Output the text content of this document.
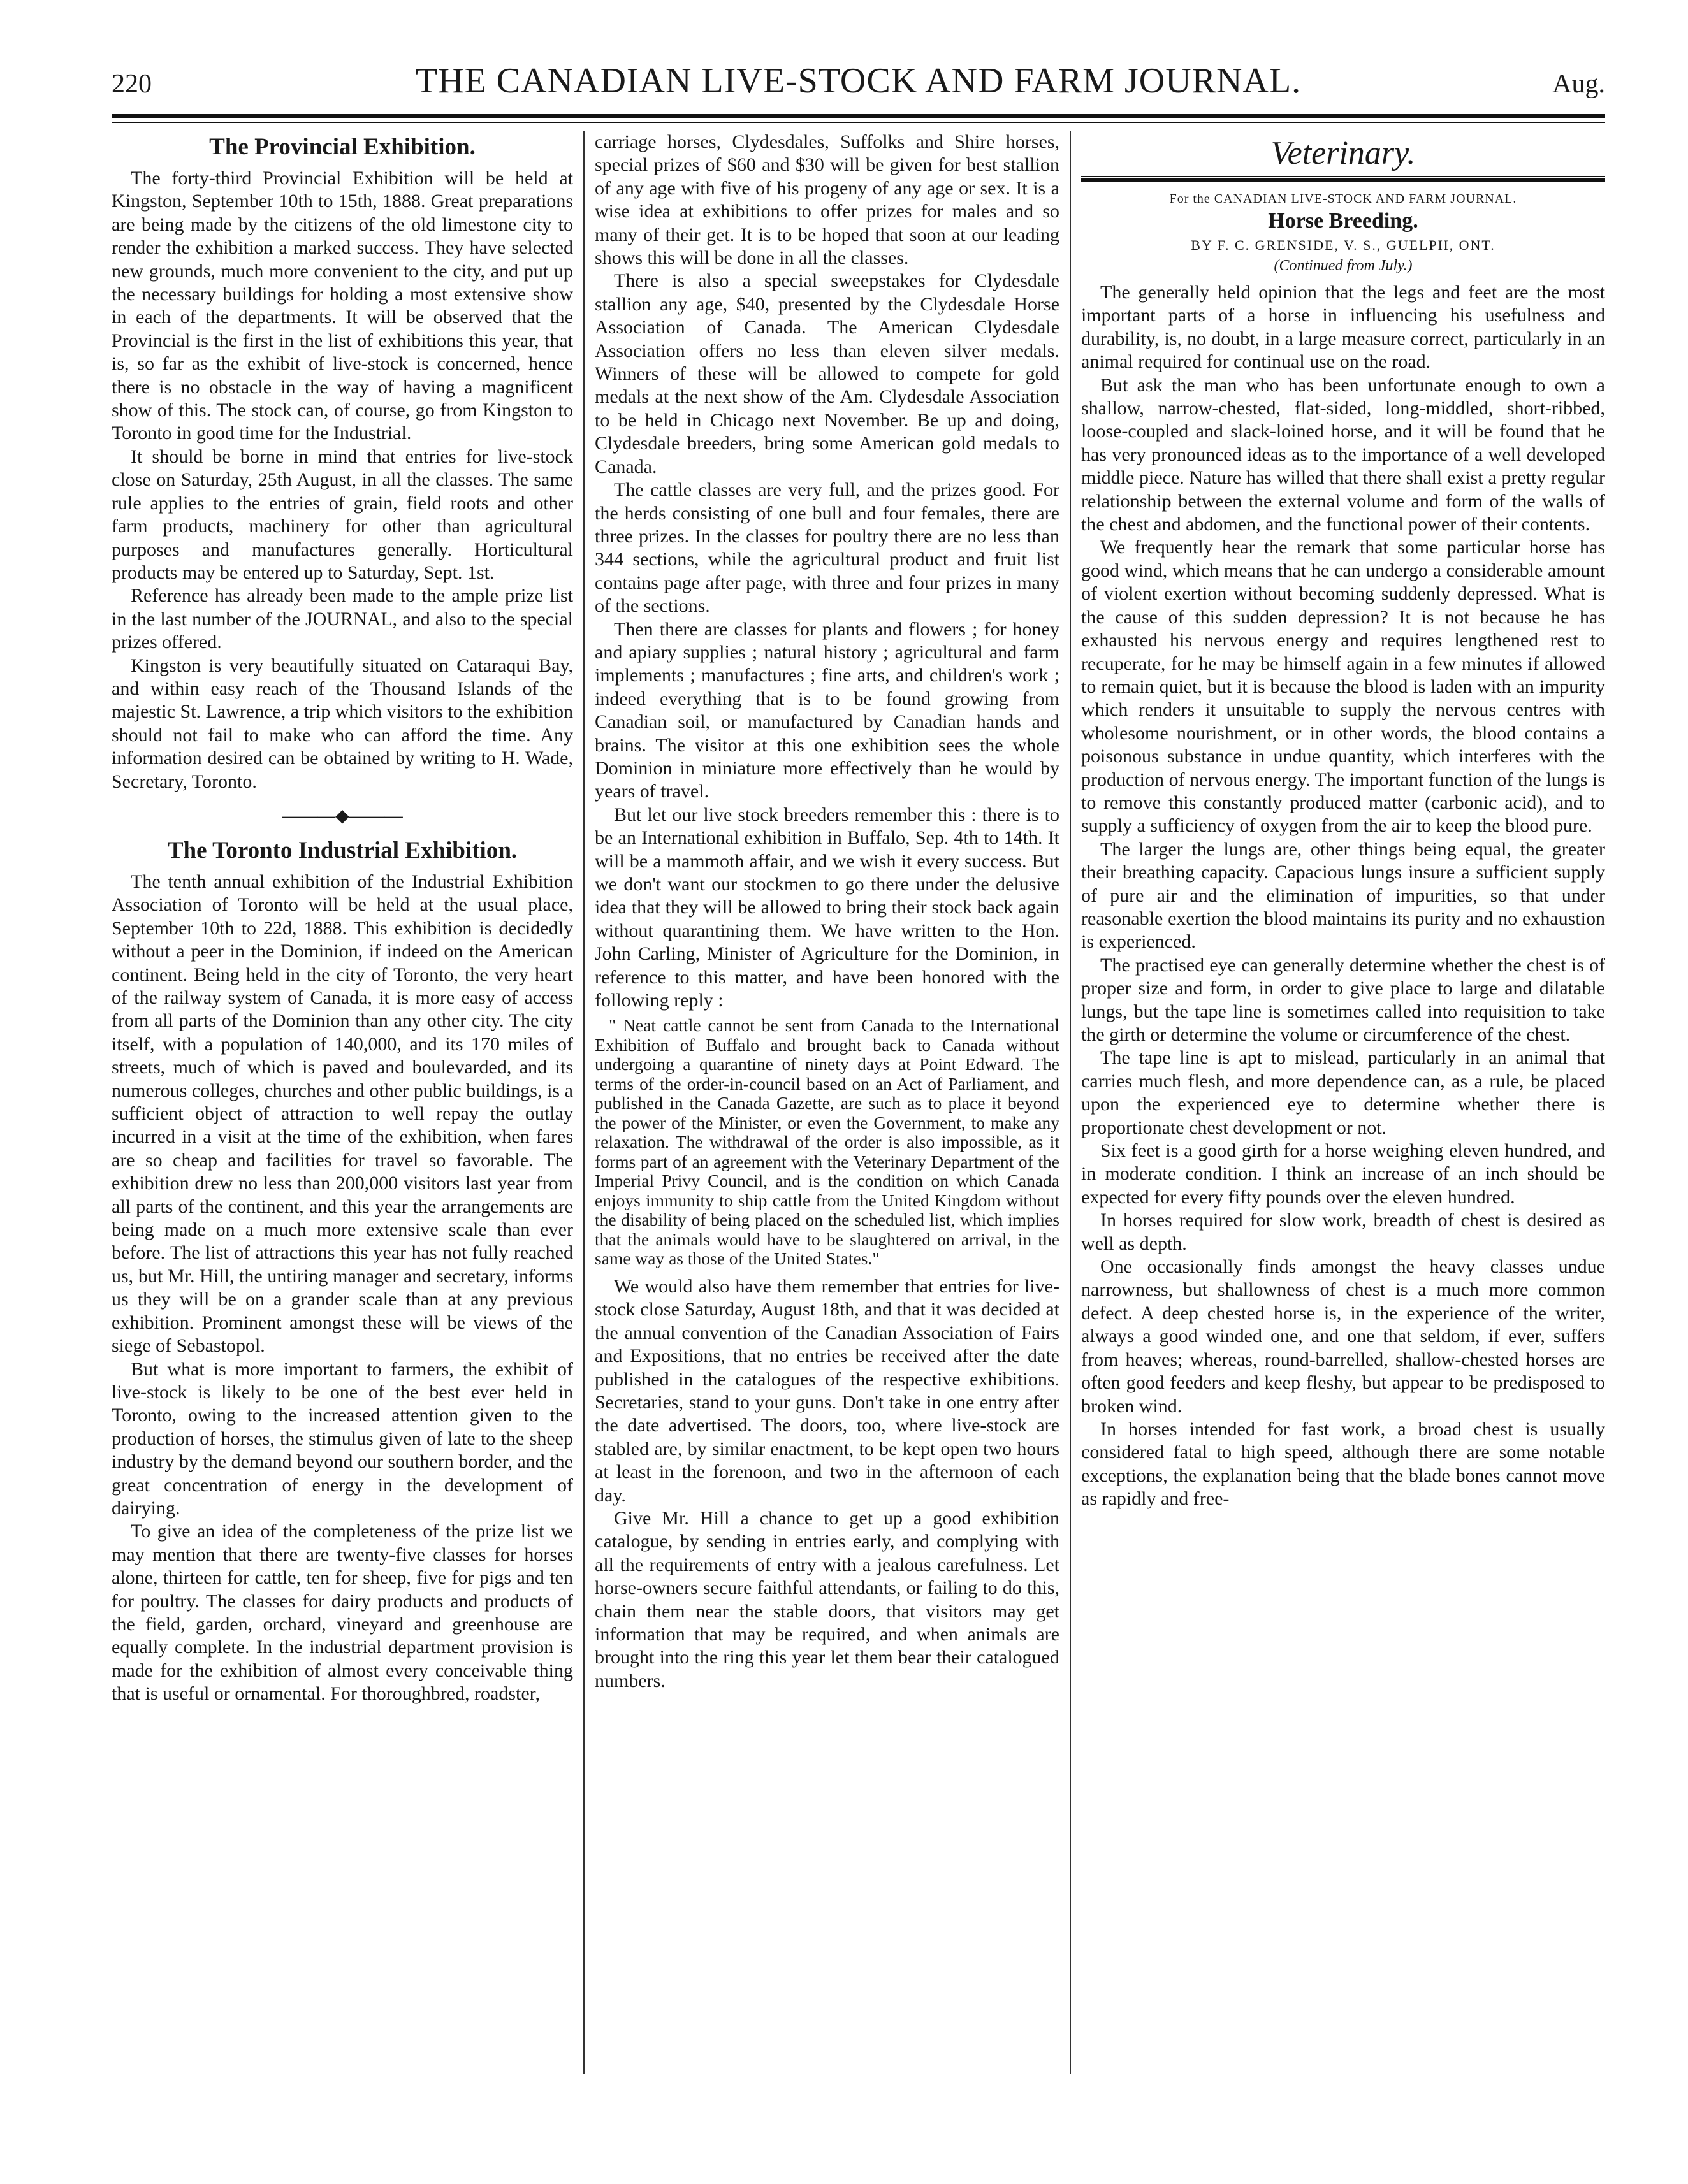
220	THE CANADIAN LIVE-STOCK AND FARM JOURNAL.	Aug.
The Provincial Exhibition.

The forty-third Provincial Exhibition will be held at Kingston, September 10th to 15th, 1888. Great preparations are being made by the citizens of the old limestone city to render the exhibition a marked success. They have selected new grounds, much more convenient to the city, and put up the necessary buildings for holding a most extensive show in each of the departments. It will be observed that the Provincial is the first in the list of exhibitions this year, that is, so far as the exhibit of live-stock is concerned, hence there is no obstacle in the way of having a magnificent show of this. The stock can, of course, go from Kingston to Toronto in good time for the Industrial.

It should be borne in mind that entries for live-stock close on Saturday, 25th August, in all the classes. The same rule applies to the entries of grain, field roots and other farm products, machinery for other than agricultural purposes and manufactures generally. Horticultural products may be entered up to Saturday, Sept. 1st.

Reference has already been made to the ample prize list in the last number of the JOURNAL, and also to the special prizes offered.

Kingston is very beautifully situated on Cataraqui Bay, and within easy reach of the Thousand Islands of the majestic St. Lawrence, a trip which visitors to the exhibition should not fail to make who can afford the time. Any information desired can be obtained by writing to H. Wade, Secretary, Toronto.

———◆———
The Toronto Industrial Exhibition.

The tenth annual exhibition of the Industrial Exhibition Association of Toronto will be held at the usual place, September 10th to 22d, 1888. This exhibition is decidedly without a peer in the Dominion, if indeed on the American continent. Being held in the city of Toronto, the very heart of the railway system of Canada, it is more easy of access from all parts of the Dominion than any other city. The city itself, with a population of 140,000, and its 170 miles of streets, much of which is paved and boulevarded, and its numerous colleges, churches and other public buildings, is a sufficient object of attraction to well repay the outlay incurred in a visit at the time of the exhibition, when fares are so cheap and facilities for travel so favorable. The exhibition drew no less than 200,000 visitors last year from all parts of the continent, and this year the arrangements are being made on a much more extensive scale than ever before. The list of attractions this year has not fully reached us, but Mr. Hill, the untiring manager and secretary, informs us they will be on a grander scale than at any previous exhibition. Prominent amongst these will be views of the siege of Sebastopol.

But what is more important to farmers, the exhibit of live-stock is likely to be one of the best ever held in Toronto, owing to the increased attention given to the production of horses, the stimulus given of late to the sheep industry by the demand beyond our southern border, and the great concentration of energy in the development of dairying.

To give an idea of the completeness of the prize list we may mention that there are twenty-five classes for horses alone, thirteen for cattle, ten for sheep, five for pigs and ten for poultry. The classes for dairy products and products of the field, garden, orchard, vineyard and greenhouse are equally complete. In the industrial department provision is made for the exhibition of almost every conceivable thing that is useful or ornamental. For thoroughbred, roadster,

carriage horses, Clydesdales, Suffolks and Shire horses, special prizes of $60 and $30 will be given for best stallion of any age with five of his progeny of any age or sex. It is a wise idea at exhibitions to offer prizes for males and so many of their get. It is to be hoped that soon at our leading shows this will be done in all the classes.

There is also a special sweepstakes for Clydesdale stallion any age, $40, presented by the Clydesdale Horse Association of Canada. The American Clydesdale Association offers no less than eleven silver medals. Winners of these will be allowed to compete for gold medals at the next show of the Am. Clydesdale Association to be held in Chicago next November. Be up and doing, Clydesdale breeders, bring some American gold medals to Canada.

The cattle classes are very full, and the prizes good. For the herds consisting of one bull and four females, there are three prizes. In the classes for poultry there are no less than 344 sections, while the agricultural product and fruit list contains page after page, with three and four prizes in many of the sections.

Then there are classes for plants and flowers ; for honey and apiary supplies ; natural history ; agricultural and farm implements ; manufactures ; fine arts, and children's work ; indeed everything that is to be found growing from Canadian soil, or manufactured by Canadian hands and brains. The visitor at this one exhibition sees the whole Dominion in miniature more effectively than he would by years of travel.

But let our live stock breeders remember this : there is to be an International exhibition in Buffalo, Sep. 4th to 14th. It will be a mammoth affair, and we wish it every success. But we don't want our stockmen to go there under the delusive idea that they will be allowed to bring their stock back again without quarantining them. We have written to the Hon. John Carling, Minister of Agriculture for the Dominion, in reference to this matter, and have been honored with the following reply :

" Neat cattle cannot be sent from Canada to the International Exhibition of Buffalo and brought back to Canada without undergoing a quarantine of ninety days at Point Edward. The terms of the order-in-council based on an Act of Parliament, and published in the Canada Gazette, are such as to place it beyond the power of the Minister, or even the Government, to make any relaxation. The withdrawal of the order is also impossible, as it forms part of an agreement with the Veterinary Department of the Imperial Privy Council, and is the condition on which Canada enjoys immunity to ship cattle from the United Kingdom without the disability of being placed on the scheduled list, which implies that the animals would have to be slaughtered on arrival, in the same way as those of the United States."

We would also have them remember that entries for live-stock close Saturday, August 18th, and that it was decided at the annual convention of the Canadian Association of Fairs and Expositions, that no entries be received after the date published in the catalogues of the respective exhibitions. Secretaries, stand to your guns. Don't take in one entry after the date advertised. The doors, too, where live-stock are stabled are, by similar enactment, to be kept open two hours at least in the forenoon, and two in the afternoon of each day.

Give Mr. Hill a chance to get up a good exhibition catalogue, by sending in entries early, and complying with all the requirements of entry with a jealous carefulness. Let horse-owners secure faithful attendants, or failing to do this, chain them near the stable doors, that visitors may get information that may be required, and when animals are brought into the ring this year let them bear their catalogued numbers.

Veterinary.
For the CANADIAN LIVE-STOCK AND FARM JOURNAL.
Horse Breeding.
BY F. C. GRENSIDE, V. S., GUELPH, ONT.
(Continued from July.)

The generally held opinion that the legs and feet are the most important parts of a horse in influencing his usefulness and durability, is, no doubt, in a large measure correct, particularly in an animal required for continual use on the road.

But ask the man who has been unfortunate enough to own a shallow, narrow-chested, flat-sided, long-middled, short-ribbed, loose-coupled and slack-loined horse, and it will be found that he has very pronounced ideas as to the importance of a well developed middle piece. Nature has willed that there shall exist a pretty regular relationship between the external volume and form of the walls of the chest and abdomen, and the functional power of their contents.

We frequently hear the remark that some particular horse has good wind, which means that he can undergo a considerable amount of violent exertion without becoming suddenly depressed. What is the cause of this sudden depression? It is not because he has exhausted his nervous energy and requires lengthened rest to recuperate, for he may be himself again in a few minutes if allowed to remain quiet, but it is because the blood is laden with an impurity which renders it unsuitable to supply the nervous centres with wholesome nourishment, or in other words, the blood contains a poisonous substance in undue quantity, which interferes with the production of nervous energy. The important function of the lungs is to remove this constantly produced matter (carbonic acid), and to supply a sufficiency of oxygen from the air to keep the blood pure.

The larger the lungs are, other things being equal, the greater their breathing capacity. Capacious lungs insure a sufficient supply of pure air and the elimination of impurities, so that under reasonable exertion the blood maintains its purity and no exhaustion is experienced.

The practised eye can generally determine whether the chest is of proper size and form, in order to give place to large and dilatable lungs, but the tape line is sometimes called into requisition to take the girth or determine the volume or circumference of the chest.

The tape line is apt to mislead, particularly in an animal that carries much flesh, and more dependence can, as a rule, be placed upon the experienced eye to determine whether there is proportionate chest development or not.

Six feet is a good girth for a horse weighing eleven hundred, and in moderate condition. I think an increase of an inch should be expected for every fifty pounds over the eleven hundred.

In horses required for slow work, breadth of chest is desired as well as depth.

One occasionally finds amongst the heavy classes undue narrowness, but shallowness of chest is a much more common defect. A deep chested horse is, in the experience of the writer, always a good winded one, and one that seldom, if ever, suffers from heaves; whereas, round-barrelled, shallow-chested horses are often good feeders and keep fleshy, but appear to be predisposed to broken wind.

In horses intended for fast work, a broad chest is usually considered fatal to high speed, although there are some notable exceptions, the explanation being that the blade bones cannot move as rapidly and free-
